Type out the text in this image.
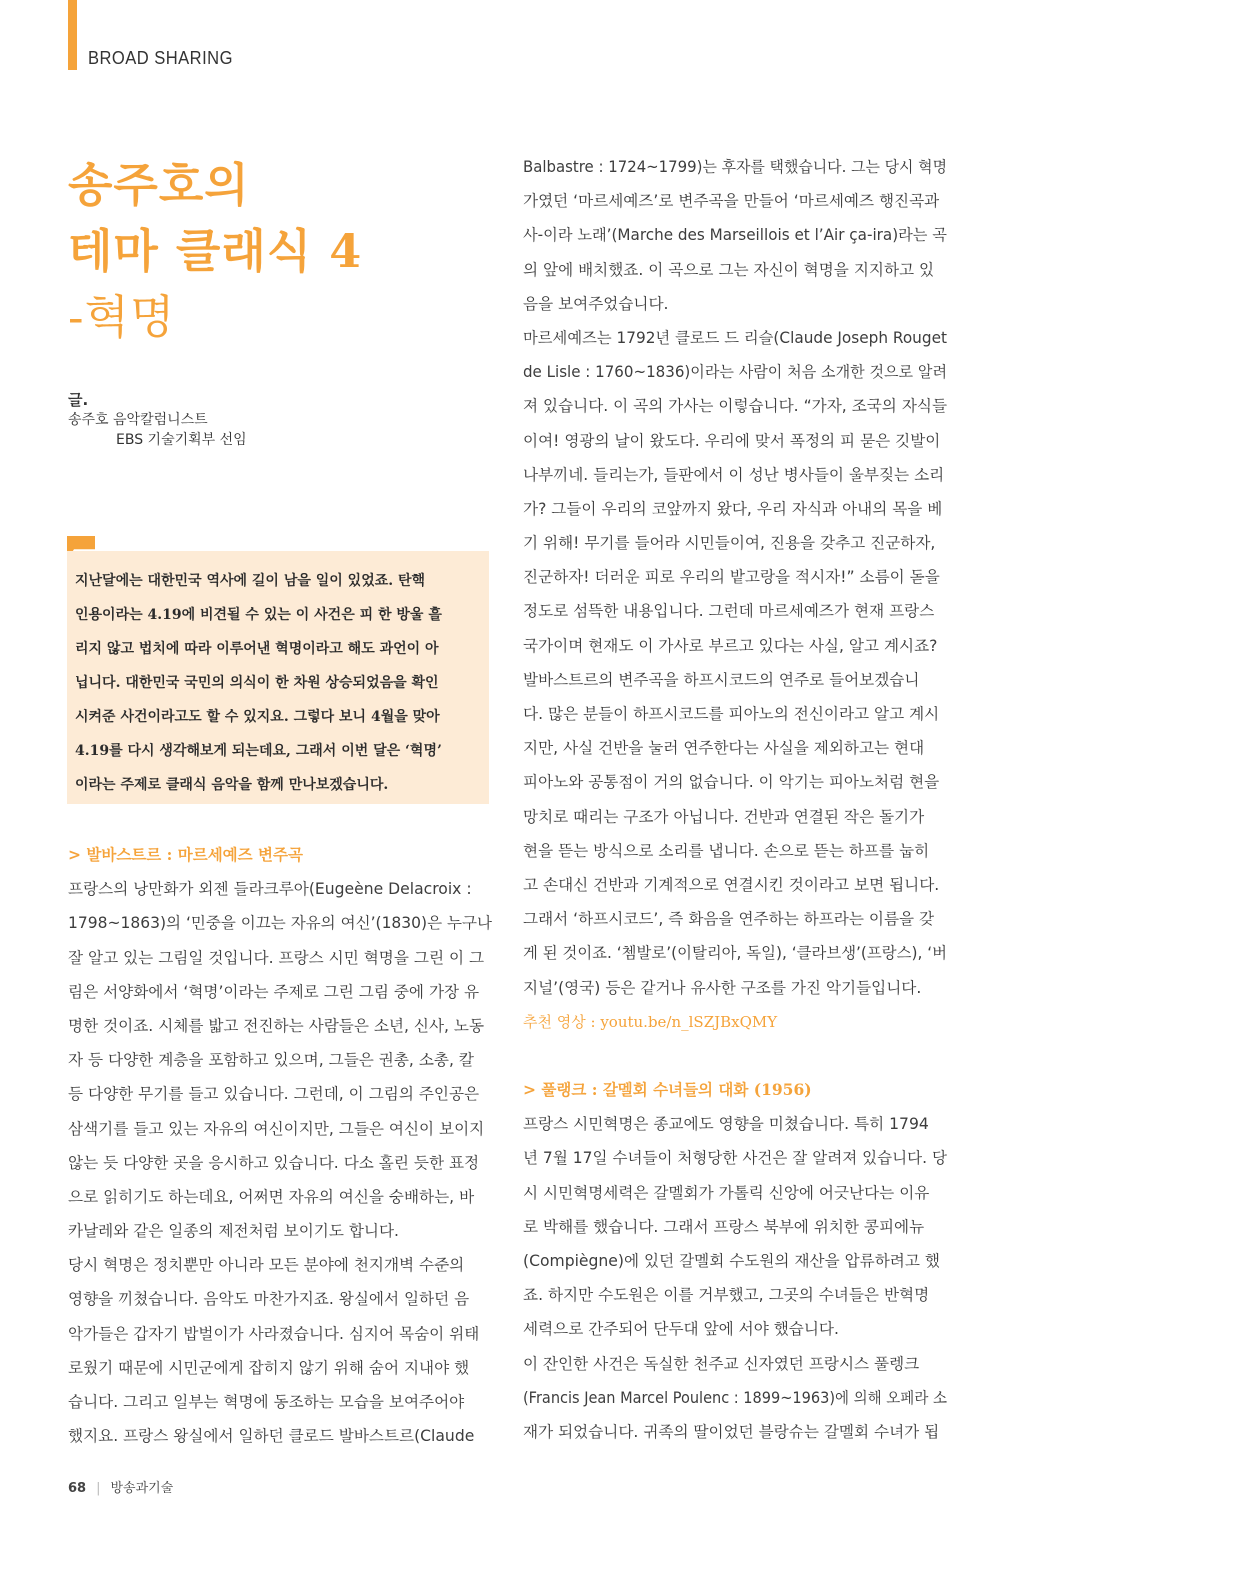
BROAD SHARING
송주호의
테마 클래식 4
-혁명
글.
송주호 음악칼럼니스트
EBS 기술기획부 선임
지난달에는 대한민국 역사에 길이 남을 일이 있었죠. 탄핵
인용이라는 4.19에 비견될 수 있는 이 사건은 피 한 방울 흘
리지 않고 법치에 따라 이루어낸 혁명이라고 해도 과언이 아
닙니다. 대한민국 국민의 의식이 한 차원 상승되었음을 확인
시켜준 사건이라고도 할 수 있지요. 그렇다 보니 4월을 맞아
4.19를 다시 생각해보게 되는데요, 그래서 이번 달은 ‘혁명’
이라는 주제로 클래식 음악을 함께 만나보겠습니다.
> 발바스트르 : 마르세예즈 변주곡
프랑스의 낭만화가 외젠 들라크루아(Eugeène Delacroix :
1798~1863)의 ‘민중을 이끄는 자유의 여신’(1830)은 누구나
잘 알고 있는 그림일 것입니다. 프랑스 시민 혁명을 그린 이 그
림은 서양화에서 ‘혁명’이라는 주제로 그린 그림 중에 가장 유
명한 것이죠. 시체를 밟고 전진하는 사람들은 소년, 신사, 노동
자 등 다양한 계층을 포함하고 있으며, 그들은 권총, 소총, 칼
등 다양한 무기를 들고 있습니다. 그런데, 이 그림의 주인공은
삼색기를 들고 있는 자유의 여신이지만, 그들은 여신이 보이지
않는 듯 다양한 곳을 응시하고 있습니다. 다소 홀린 듯한 표정
으로 읽히기도 하는데요, 어쩌면 자유의 여신을 숭배하는, 바
카날레와 같은 일종의 제전처럼 보이기도 합니다.
당시 혁명은 정치뿐만 아니라 모든 분야에 천지개벽 수준의
영향을 끼쳤습니다. 음악도 마찬가지죠. 왕실에서 일하던 음
악가들은 갑자기 밥벌이가 사라졌습니다. 심지어 목숨이 위태
로웠기 때문에 시민군에게 잡히지 않기 위해 숨어 지내야 했
습니다. 그리고 일부는 혁명에 동조하는 모습을 보여주어야
했지요. 프랑스 왕실에서 일하던 클로드 발바스트르(Claude
Balbastre : 1724~1799)는 후자를 택했습니다. 그는 당시 혁명
가였던 ‘마르세예즈’로 변주곡을 만들어 ‘마르세예즈 행진곡과
사-이라 노래’(Marche des Marseillois et l’Air ça-ira)라는 곡
의 앞에 배치했죠. 이 곡으로 그는 자신이 혁명을 지지하고 있
음을 보여주었습니다.
마르세예즈는 1792년 클로드 드 리슬(Claude Joseph Rouget
de Lisle : 1760~1836)이라는 사람이 처음 소개한 것으로 알려
져 있습니다. 이 곡의 가사는 이렇습니다. “가자, 조국의 자식들
이여! 영광의 날이 왔도다. 우리에 맞서 폭정의 피 묻은 깃발이
나부끼네. 들리는가, 들판에서 이 성난 병사들이 울부짖는 소리
가? 그들이 우리의 코앞까지 왔다, 우리 자식과 아내의 목을 베
기 위해! 무기를 들어라 시민들이여, 진용을 갖추고 진군하자,
진군하자! 더러운 피로 우리의 밭고랑을 적시자!” 소름이 돋을
정도로 섬뜩한 내용입니다. 그런데 마르세예즈가 현재 프랑스
국가이며 현재도 이 가사로 부르고 있다는 사실, 알고 계시죠?
발바스트르의 변주곡을 하프시코드의 연주로 들어보겠습니
다. 많은 분들이 하프시코드를 피아노의 전신이라고 알고 계시
지만, 사실 건반을 눌러 연주한다는 사실을 제외하고는 현대
피아노와 공통점이 거의 없습니다. 이 악기는 피아노처럼 현을
망치로 때리는 구조가 아닙니다. 건반과 연결된 작은 돌기가
현을 뜯는 방식으로 소리를 냅니다. 손으로 뜯는 하프를 눕히
고 손대신 건반과 기계적으로 연결시킨 것이라고 보면 됩니다.
그래서 ‘하프시코드’, 즉 화음을 연주하는 하프라는 이름을 갖
게 된 것이죠. ‘쳄발로’(이탈리아, 독일), ‘클라브생’(프랑스), ‘버
지널’(영국) 등은 같거나 유사한 구조를 가진 악기들입니다.
추천 영상 : youtu.be/n_lSZJBxQMY
> 풀랭크 : 갈멜회 수녀들의 대화 (1956)
프랑스 시민혁명은 종교에도 영향을 미쳤습니다. 특히 1794
년 7월 17일 수녀들이 처형당한 사건은 잘 알려져 있습니다. 당
시 시민혁명세력은 갈멜회가 가톨릭 신앙에 어긋난다는 이유
로 박해를 했습니다. 그래서 프랑스 북부에 위치한 콩피에뉴
(Compiègne)에 있던 갈멜회 수도원의 재산을 압류하려고 했
죠. 하지만 수도원은 이를 거부했고, 그곳의 수녀들은 반혁명
세력으로 간주되어 단두대 앞에 서야 했습니다.
이 잔인한 사건은 독실한 천주교 신자였던 프랑시스 풀렝크
(Francis Jean Marcel Poulenc : 1899~1963)에 의해 오페라 소
재가 되었습니다. 귀족의 딸이었던 블랑슈는 갈멜회 수녀가 됩
68 | 방송과기술
